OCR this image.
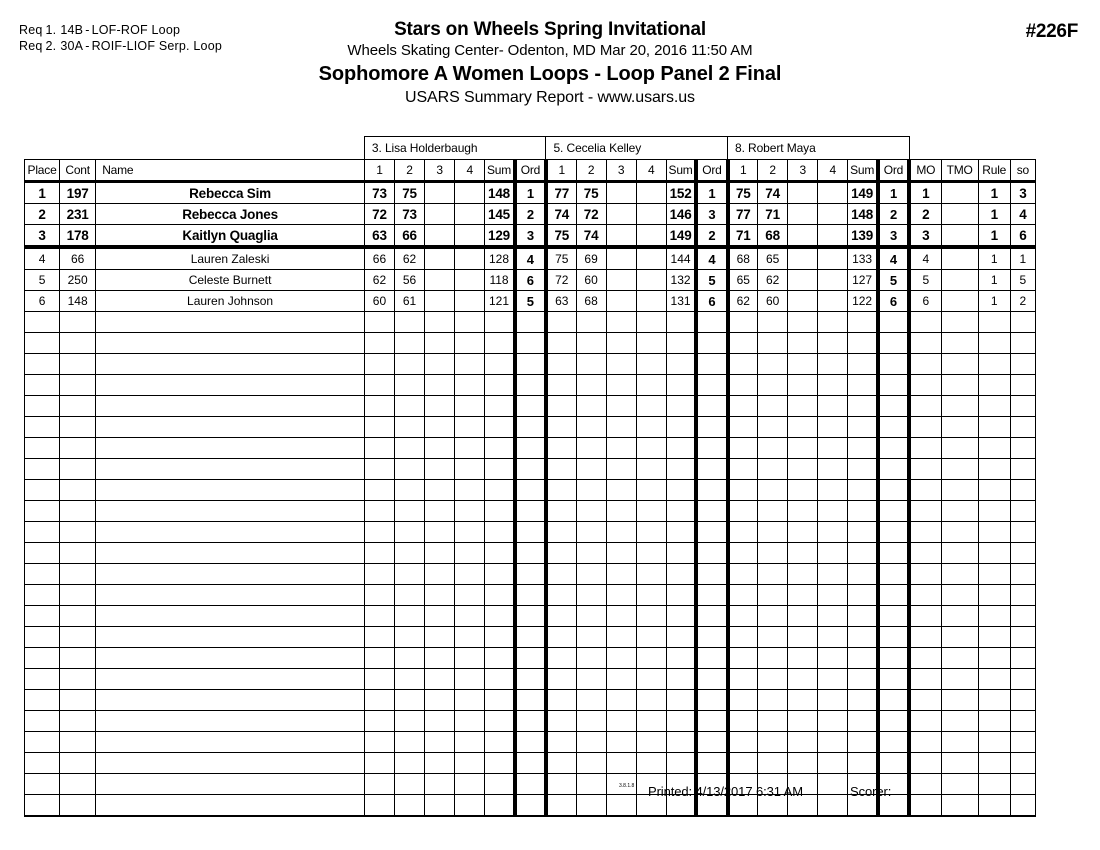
Req 1. 14B - LOF-ROF Loop
Req 2. 30A - ROIF-LIOF Serp. Loop
Stars on Wheels Spring Invitational
Wheels Skating Center- Odenton, MD Mar 20, 2016 11:50 AM
Sophomore A Women Loops - Loop Panel 2 Final
USARS Summary Report - www.usars.us
#226F
			3. Lisa Holderbaugh						5. Cecelia Kelley						8. Robert Maya									
Place	Cont	Name	1	2	3	4	Sum	Ord	1	2	3	4	Sum	Ord	1	2	3	4	Sum	Ord	MO	TMO	Rule	so
1	197	Rebecca Sim	73	75			148	1	77	75			152	1	75	74			149	1	1		1	3
2	231	Rebecca Jones	72	73			145	2	74	72			146	3	77	71			148	2	2		1	4
3	178	Kaitlyn Quaglia	63	66			129	3	75	74			149	2	71	68			139	3	3		1	6
4	66	Lauren Zaleski	66	62			128	4	75	69			144	4	68	65			133	4	4		1	1
5	250	Celeste Burnett	62	56			118	6	72	60			132	5	65	62			127	5	5		1	5
6	148	Lauren Johnson	60	61			121	5	63	68			131	6	62	60			122	6	6		1	2

3.8.1.8 Printed: 4/13/2017 6:31 AM	Scorer:
